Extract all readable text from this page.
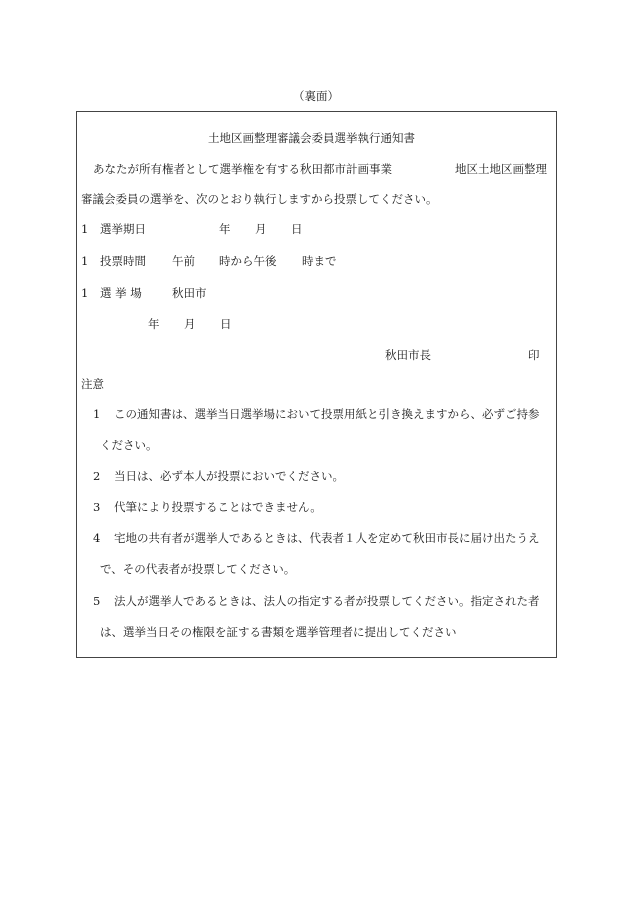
（裏面）
土地区画整理審議会委員選挙執行通知書
あなたが所有権者として選挙権を有する秋田都市計画事業	地区土地区画整理
審議会委員の選挙を、次のとおり執行しますから投票してください。
1 選挙期日	年 月 日
1 投票時間 午前 時から午後 時まで
1 選 挙 場	秋田市
年 月 日
秋田市長	印
注意
1 この通知書は、選挙当日選挙場において投票用紙と引き換えますから、必ずご持参
ください。
2 当日は、必ず本人が投票においでください。
3 代筆により投票することはできません。
4 宅地の共有者が選挙人であるときは、代表者１人を定めて秋田市長に届け出たうえ
で、その代表者が投票してください。
5 法人が選挙人であるときは、法人の指定する者が投票してください。指定された者
は、選挙当日その権限を証する書類を選挙管理者に提出してください
